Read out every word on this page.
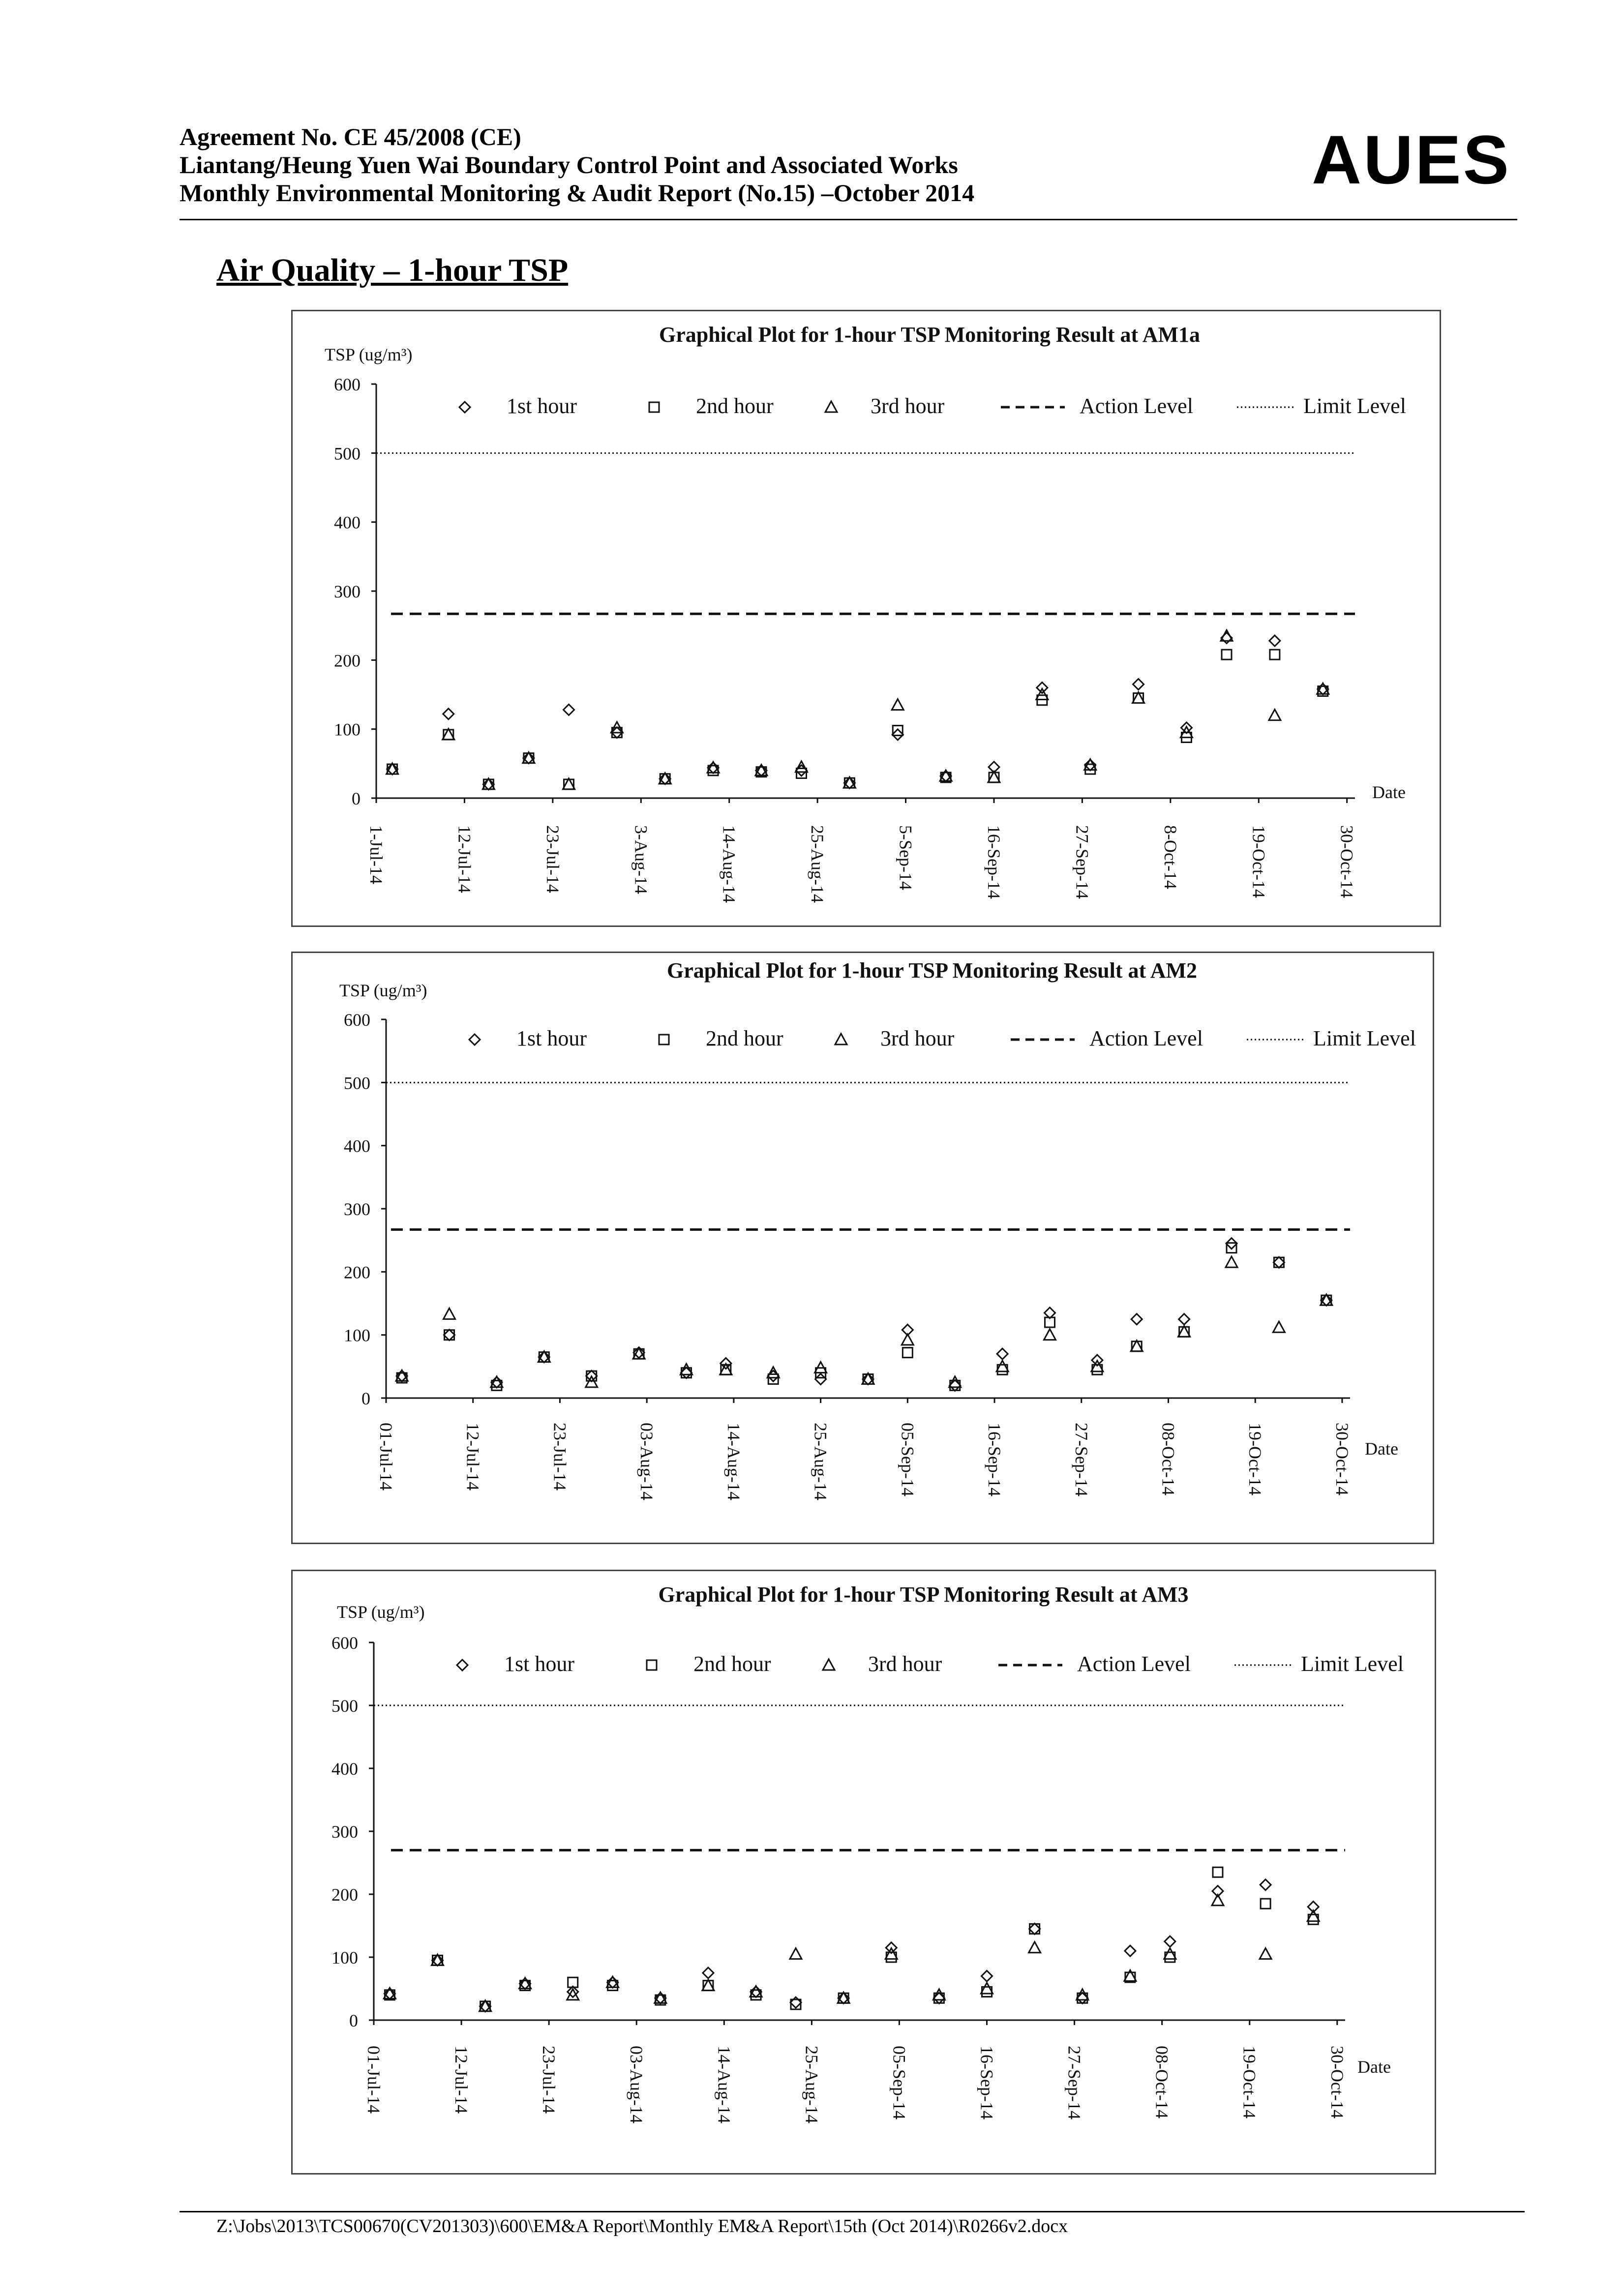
Agreement No. CE 45/2008 (CE)
Liantang/Heung Yuen Wai Boundary Control Point and Associated Works
Monthly Environmental Monitoring & Audit Report (No.15) –October 2014	AUES
Air Quality – 1-hour TSP
Graphical Plot for 1-hour TSP Monitoring Result at AM1a
TSP (ug/m³)
0
100
200
300
400
500
600
1-Jul-14	12-Jul-14	23-Jul-14	3-Aug-14	14-Aug-14	25-Aug-14	5-Sep-14	16-Sep-14	27-Sep-14	8-Oct-14	19-Oct-14	30-Oct-14
Date
1st hour	2nd hour	3rd hour	Action Level	Limit Level
Graphical Plot for 1-hour TSP Monitoring Result at AM2
TSP (ug/m³)
0
100
200
300
400
500
600
01-Jul-14	12-Jul-14	23-Jul-14	03-Aug-14	14-Aug-14	25-Aug-14	05-Sep-14	16-Sep-14	27-Sep-14	08-Oct-14	19-Oct-14	30-Oct-14 Date
1st hour	2nd hour	3rd hour	Action Level	Limit Level
Graphical Plot for 1-hour TSP Monitoring Result at AM3
TSP (ug/m³)
0
100
200
300
400
500
600
01-Jul-14	12-Jul-14	23-Jul-14	03-Aug-14	14-Aug-14	25-Aug-14	05-Sep-14	16-Sep-14	27-Sep-14	08-Oct-14	19-Oct-14	30-Oct-14 Date
1st hour	2nd hour	3rd hour	Action Level	Limit Level
Z:\Jobs\2013\TCS00670(CV201303)\600\EM&A Report\Monthly EM&A Report\15th (Oct 2014)\R0266v2.docx
